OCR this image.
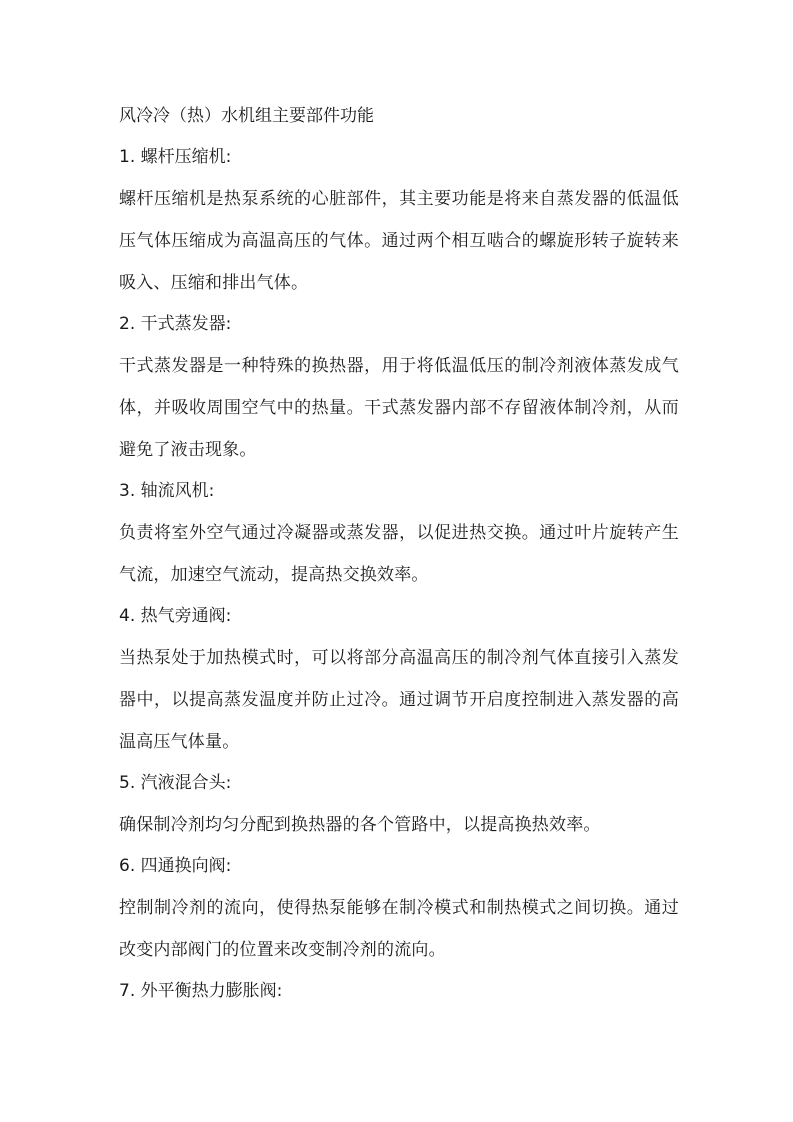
风冷冷（热）水机组主要部件功能
1. 螺杆压缩机:
螺杆压缩机是热泵系统的心脏部件，其主要功能是将来自蒸发器的低温低压气体压缩成为高温高压的气体。通过两个相互啮合的螺旋形转子旋转来吸入、压缩和排出气体。
2. 干式蒸发器:
干式蒸发器是一种特殊的换热器，用于将低温低压的制冷剂液体蒸发成气体，并吸收周围空气中的热量。干式蒸发器内部不存留液体制冷剂，从而避免了液击现象。
3. 轴流风机:
负责将室外空气通过冷凝器或蒸发器，以促进热交换。通过叶片旋转产生气流，加速空气流动，提高热交换效率。
4. 热气旁通阀:
当热泵处于加热模式时，可以将部分高温高压的制冷剂气体直接引入蒸发器中，以提高蒸发温度并防止过冷。通过调节开启度控制进入蒸发器的高温高压气体量。
5. 汽液混合头:
确保制冷剂均匀分配到换热器的各个管路中，以提高换热效率。
6. 四通换向阀:
控制制冷剂的流向，使得热泵能够在制冷模式和制热模式之间切换。通过改变内部阀门的位置来改变制冷剂的流向。
7. 外平衡热力膨胀阀:
